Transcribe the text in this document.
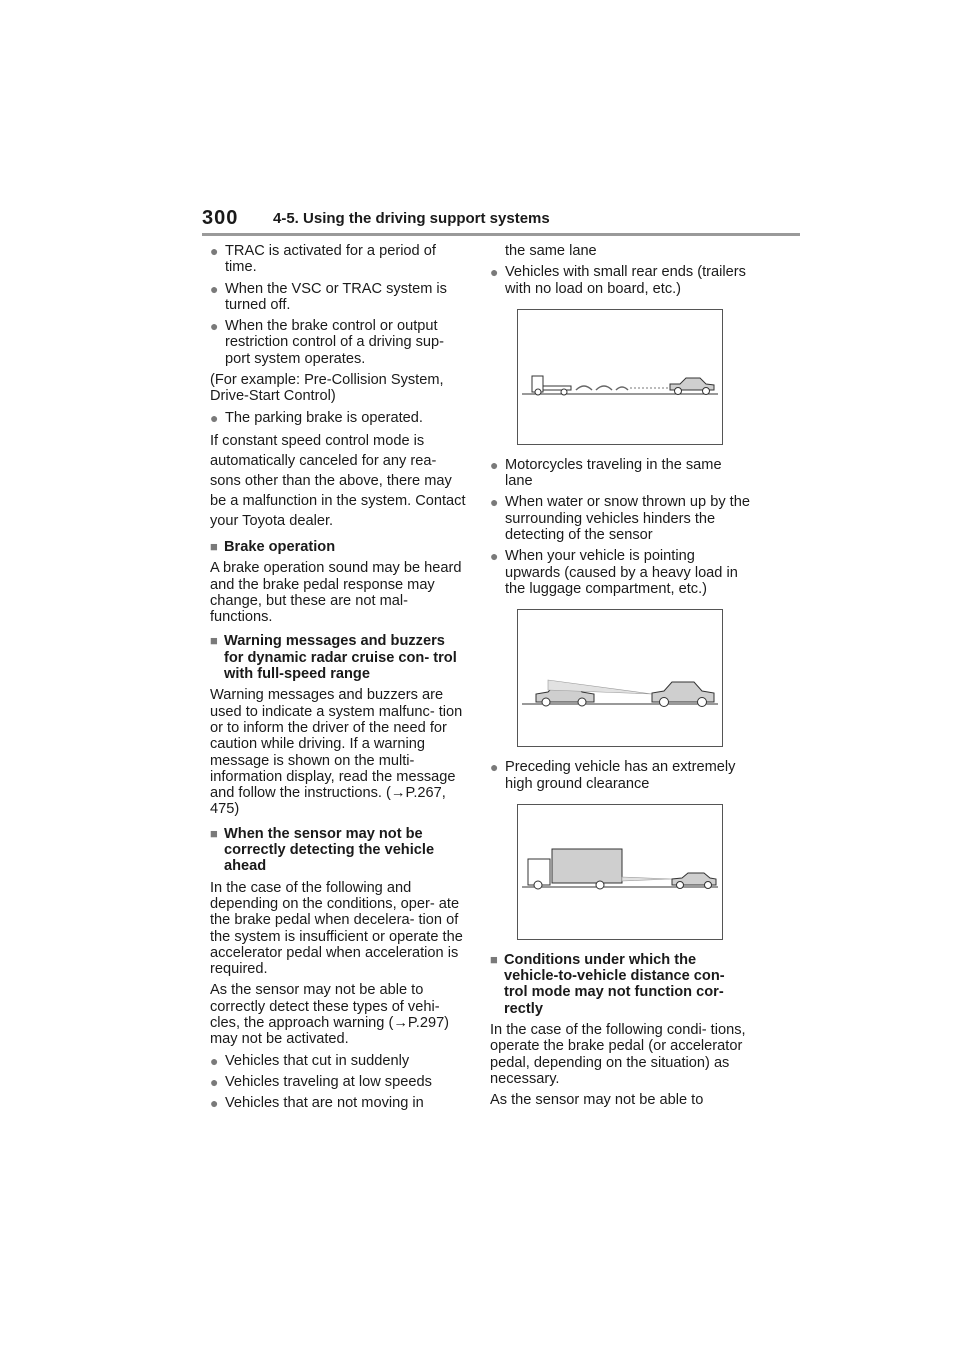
300 4-5. Using the driving support systems
● TRAC is activated for a period of time.
● When the VSC or TRAC system is turned off.
● When the brake control or output restriction control of a driving sup- port system operates.
(For example: Pre-Collision System, Drive-Start Control)
● The parking brake is operated.
If constant speed control mode is automatically canceled for any rea- sons other than the above, there may be a malfunction in the system. Contact your Toyota dealer.
■ Brake operation
A brake operation sound may be heard and the brake pedal response may change, but these are not mal- functions.
■ Warning messages and buzzers for dynamic radar cruise con- trol with full-speed range
Warning messages and buzzers are used to indicate a system malfunc- tion or to inform the driver of the need for caution while driving. If a warning message is shown on the multi-information display, read the message and follow the instructions. (→P.267, 475)
■ When the sensor may not be correctly detecting the vehicle ahead
In the case of the following and depending on the conditions, oper- ate the brake pedal when decelera- tion of the system is insufficient or operate the accelerator pedal when acceleration is required.
As the sensor may not be able to correctly detect these types of vehi- cles, the approach warning (→P.297) may not be activated.
● Vehicles that cut in suddenly
● Vehicles traveling at low speeds
● Vehicles that are not moving in
the same lane
● Vehicles with small rear ends (trailers with no load on board, etc.)
● Motorcycles traveling in the same lane
● When water or snow thrown up by the surrounding vehicles hinders the detecting of the sensor
● When your vehicle is pointing upwards (caused by a heavy load in the luggage compartment, etc.)
● Preceding vehicle has an extremely high ground clearance
■ Conditions under which the vehicle-to-vehicle distance con- trol mode may not function cor- rectly
In the case of the following condi- tions, operate the brake pedal (or accelerator pedal, depending on the situation) as necessary.
As the sensor may not be able to
